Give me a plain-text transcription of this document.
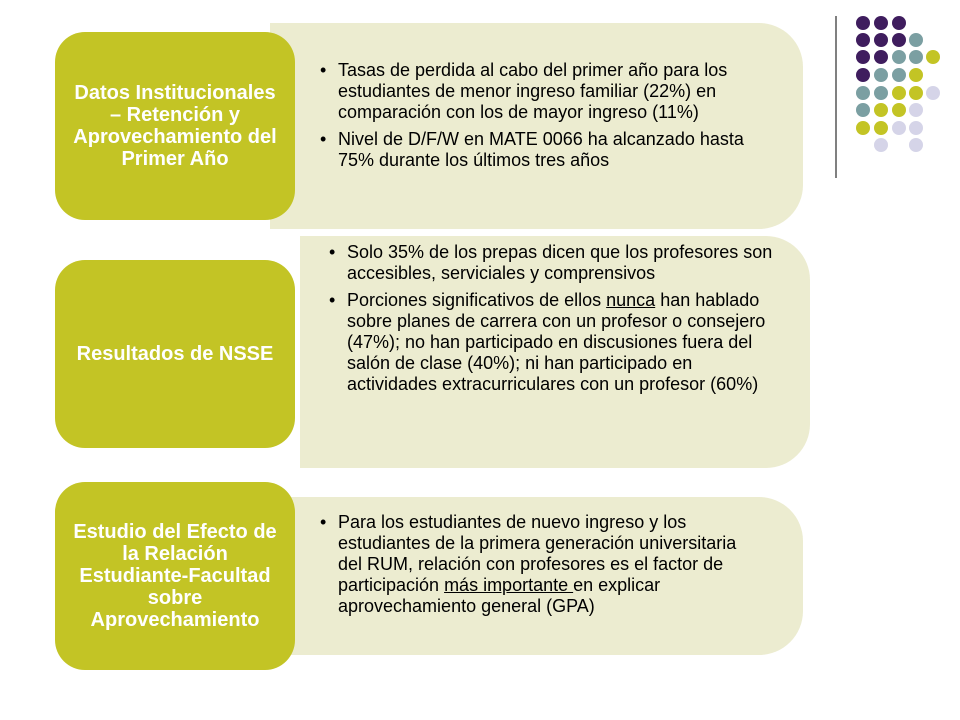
• Tasas de perdida al cabo del primer año para los estudiantes de menor ingreso familiar (22%) en comparación con los de mayor ingreso (11%)
• Nivel de D/F/W en MATE 0066 ha alcanzado hasta 75% durante los últimos tres años
Datos Institucionales – Retención y Aprovechamiento del Primer Año
• Solo 35% de los prepas dicen que los profesores son accesibles, serviciales y comprensivos
• Porciones significativos de ellos nunca han hablado sobre planes de carrera con un profesor o consejero (47%); no han participado en discusiones fuera del salón de clase (40%); ni han participado en actividades extracurriculares con un profesor (60%)
Resultados de NSSE
• Para los estudiantes de nuevo ingreso y los estudiantes de la primera generación universitaria del RUM, relación con profesores es el factor de participación más importante en explicar aprovechamiento general (GPA)
Estudio del Efecto de la Relación Estudiante-Facultad sobre Aprovechamiento
